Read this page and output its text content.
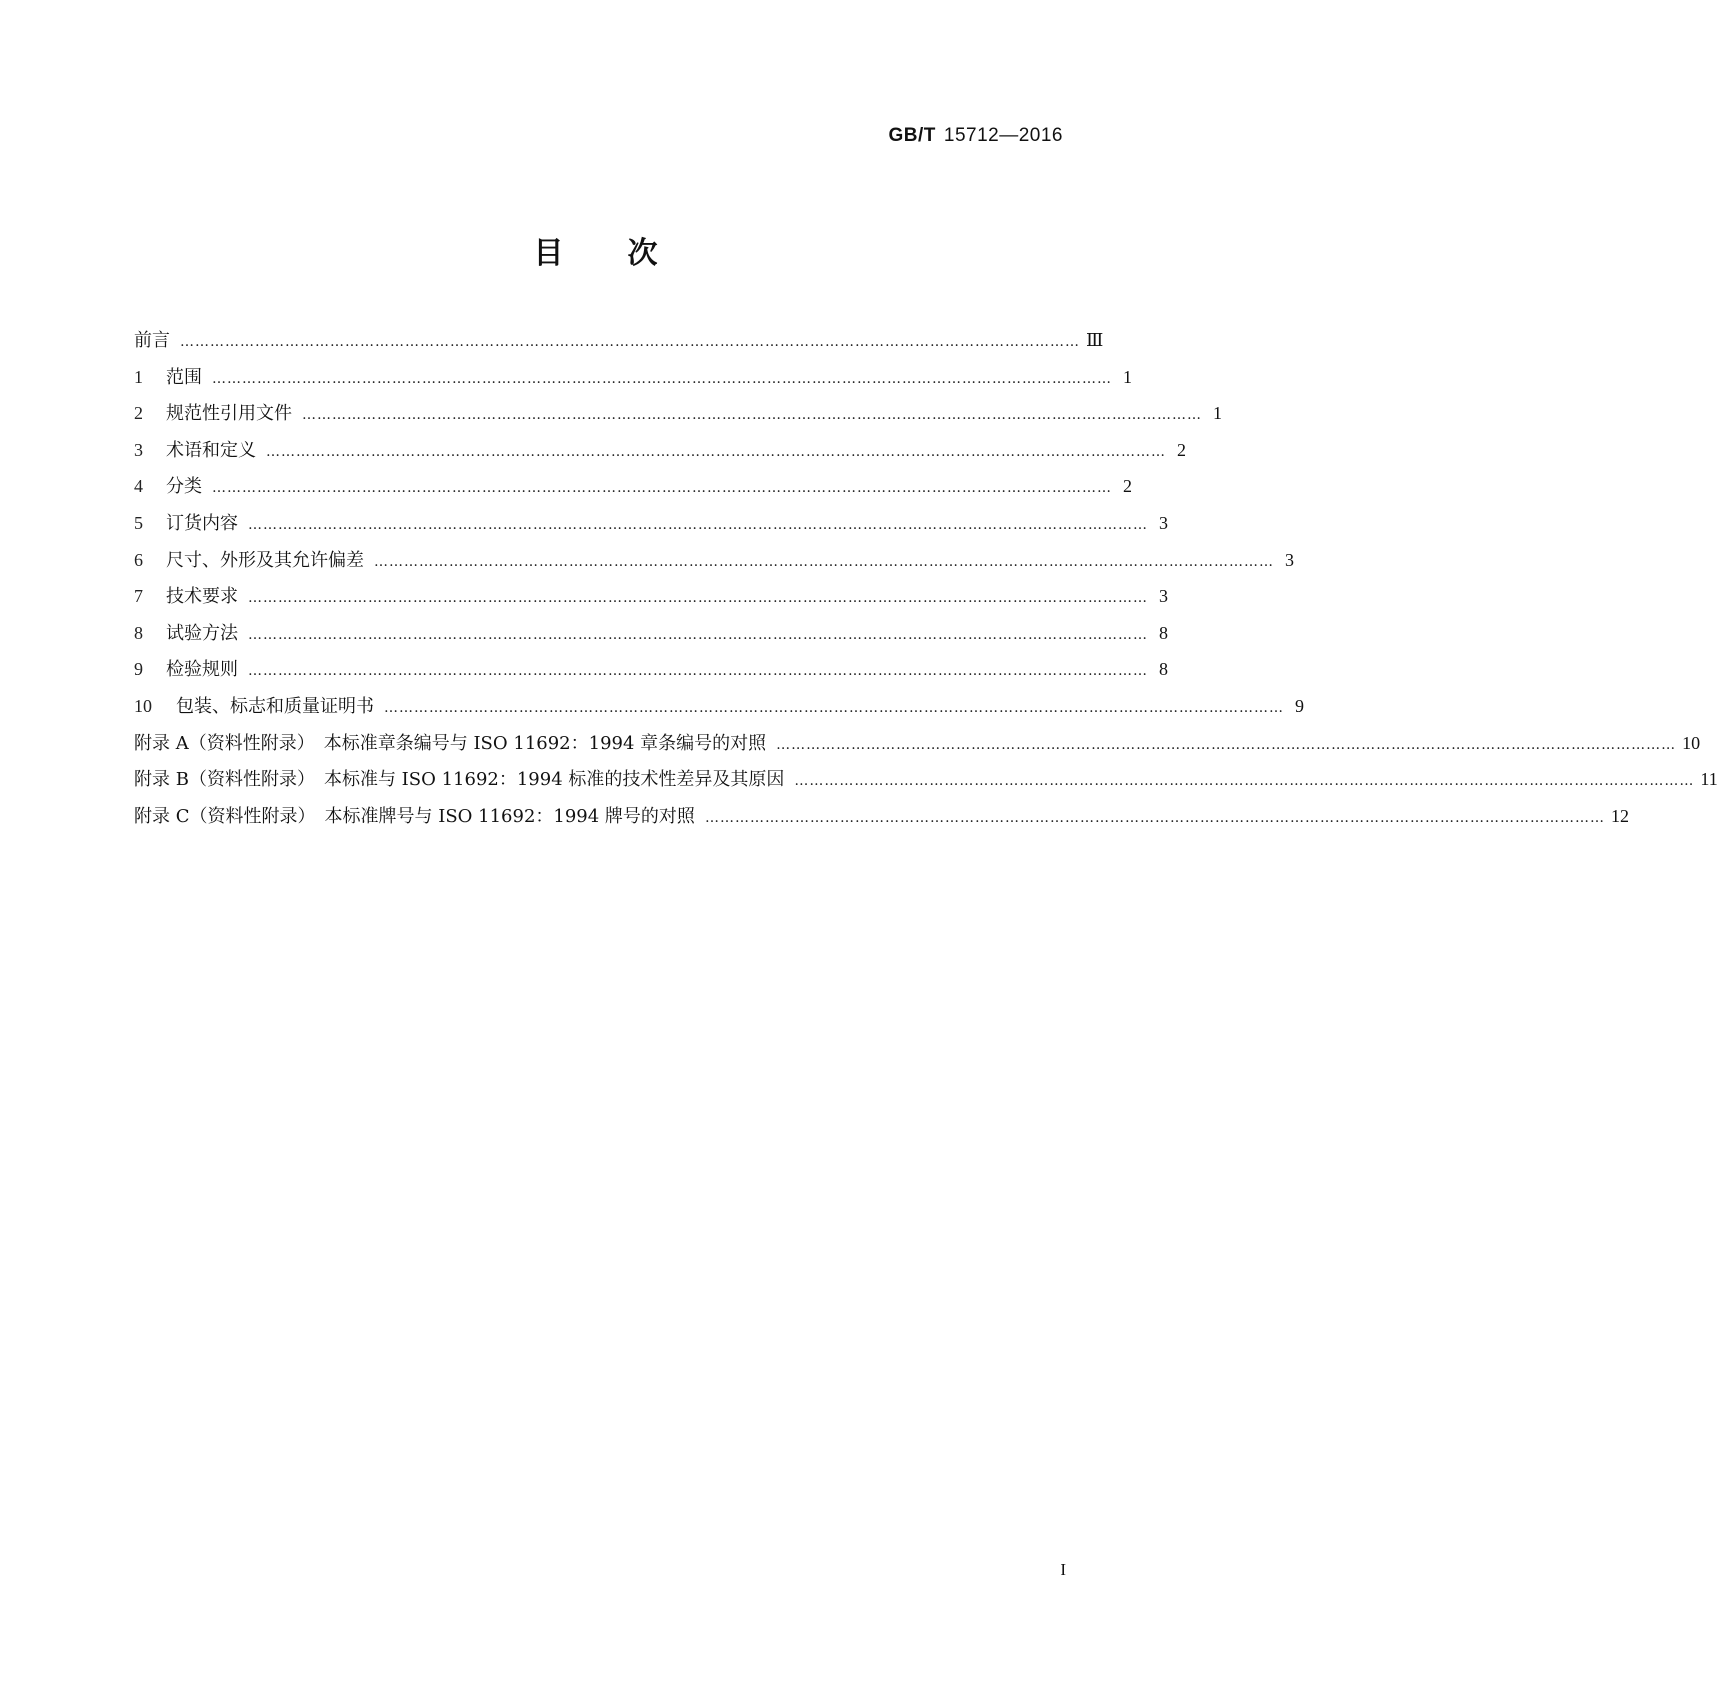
GB/T 15712—2016
目 次
前言 ……………………………………………………………………………………………………………………………………………………………… Ⅲ
1	范围 ……………………………………………………………………………………………………………………………………………………………… 1
2	规范性引用文件 ……………………………………………………………………………………………………………………………………………………………… 1
3	术语和定义 ……………………………………………………………………………………………………………………………………………………………… 2
4	分类 ……………………………………………………………………………………………………………………………………………………………… 2
5	订货内容 ……………………………………………………………………………………………………………………………………………………………… 3
6	尺寸、外形及其允许偏差 ……………………………………………………………………………………………………………………………………………………………… 3
7	技术要求 ……………………………………………………………………………………………………………………………………………………………… 3
8	试验方法 ……………………………………………………………………………………………………………………………………………………………… 8
9	检验规则 ……………………………………………………………………………………………………………………………………………………………… 8
10	包装、标志和质量证明书 ……………………………………………………………………………………………………………………………………………………………… 9
附录 A（资料性附录）　本标准章条编号与 ISO 11692：1994 章条编号的对照 ……………………………………………………………………………………………………………………………………………………………… 10
附录 B（资料性附录）　本标准与 ISO 11692：1994 标准的技术性差异及其原因 ……………………………………………………………………………………………………………………………………………………………… 11
附录 C（资料性附录）　本标准牌号与 ISO 11692：1994 牌号的对照 ……………………………………………………………………………………………………………………………………………………………… 12
I
